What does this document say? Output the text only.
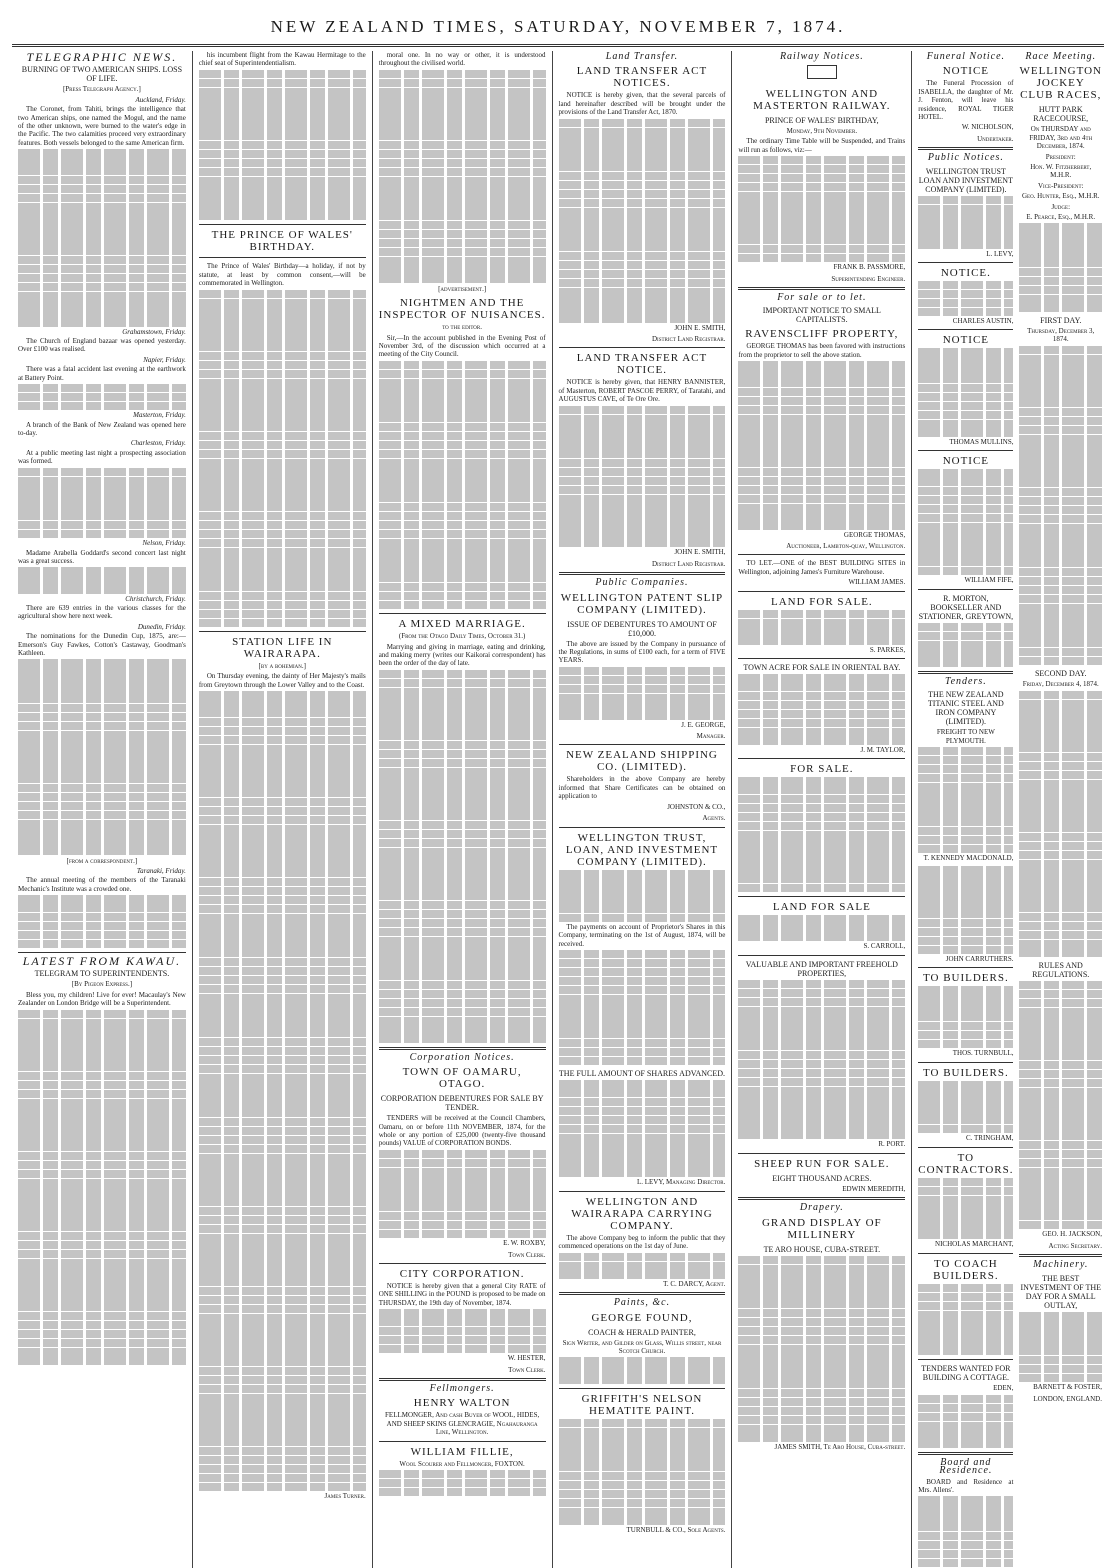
NEW ZEALAND TIMES, SATURDAY, NOVEMBER 7, 1874.
TELEGRAPHIC NEWS.
BURNING OF TWO AMERICAN SHIPS. LOSS OF LIFE.
[Press Telegraph Agency.]
Auckland, Friday.
The Coronet, from Tahiti, brings the intelligence that two American ships, one named the Mogul, and the name of the other unknown, were burned to the water's edge in the Pacific. The two calamities proceed very extraordinary features. Both vessels belonged to the same American firm.
Grahamstown, Friday.
The Church of England bazaar was opened yesterday. Over £100 was realised.
Napier, Friday.
There was a fatal accident last evening at the earthwork at Battery Point.
Masterton, Friday.
A branch of the Bank of New Zealand was opened here to-day.
Charleston, Friday.
At a public meeting last night a prospecting association was formed.
Nelson, Friday.
Madame Arabella Goddard's second concert last night was a great success.
Christchurch, Friday.
There are 639 entries in the various classes for the agricultural show here next week.
Dunedin, Friday.
The nominations for the Dunedin Cup, 1875, are:—Emerson's Guy Fawkes, Cotton's Castaway, Goodman's Kathleen.
[from a correspondent.]
Taranaki, Friday.
The annual meeting of the members of the Taranaki Mechanic's Institute was a crowded one.
LATEST FROM KAWAU.
TELEGRAM TO SUPERINTENDENTS.
[By Pigeon Express.]
Bless you, my children! Live for ever! Macaulay's New Zealander on London Bridge will be a Superintendent.
his incumbent flight from the Kawau Hermitage to the chief seat of Superintendentialism.
THE PRINCE OF WALES' BIRTHDAY.
The Prince of Wales' Birthday—a holiday, if not by statute, at least by common consent,—will be commemorated in Wellington.
STATION LIFE IN WAIRARAPA.
[by a bohemian.]
On Thursday evening, the dainty of Her Majesty's mails from Greytown through the Lower Valley and to the Coast.
James Turner.
moral one. In no way or other, it is understood throughout the civilised world.
[advertisement.]
NIGHTMEN AND THE INSPECTOR OF NUISANCES.
to the editor.
Sir,—In the account published in the Evening Post of November 3rd, of the discussion which occurred at a meeting of the City Council.
A MIXED MARRIAGE.
(From the Otago Daily Times, October 31.)
Marrying and giving in marriage, eating and drinking, and making merry (writes our Kaikorai correspondent) has been the order of the day of late.
Corporation Notices.
TOWN OF OAMARU, OTAGO.
CORPORATION DEBENTURES FOR SALE BY TENDER.
TENDERS will be received at the Council Chambers, Oamaru, on or before 11th NOVEMBER, 1874, for the whole or any portion of £25,000 (twenty-five thousand pounds) VALUE of CORPORATION BONDS.
E. W. ROXBY,
Town Clerk.
CITY CORPORATION.
NOTICE is hereby given that a general City RATE of ONE SHILLING in the POUND is proposed to be made on THURSDAY, the 19th day of November, 1874.
W. HESTER,
Town Clerk.
Fellmongers.
HENRY WALTON
FELLMONGER, And cash Buyer of WOOL, HIDES, AND SHEEP SKINS GLENCRAGIE, Ngahauranga Line, Wellington.
WILLIAM FILLIE,
Wool Scourer and Fellmonger, FOXTON.
Land Transfer.
LAND TRANSFER ACT NOTICES.
NOTICE is hereby given, that the several parcels of land hereinafter described will be brought under the provisions of the Land Transfer Act, 1870.
JOHN E. SMITH,
District Land Registrar.
LAND TRANSFER ACT NOTICE.
NOTICE is hereby given, that HENRY BANNISTER, of Masterton, ROBERT PASCOE PERRY, of Taratahi, and AUGUSTUS CAVE, of Te Ore Ore.
JOHN E. SMITH,
District Land Registrar.
Public Companies.
WELLINGTON PATENT SLIP COMPANY (LIMITED).
ISSUE OF DEBENTURES TO AMOUNT OF £10,000.
The above are issued by the Company in pursuance of the Regulations, in sums of £100 each, for a term of FIVE YEARS.
J. E. GEORGE,
Manager.
NEW ZEALAND SHIPPING CO. (LIMITED).
Shareholders in the above Company are hereby informed that Share Certificates can be obtained on application to
JOHNSTON & CO.,
Agents.
WELLINGTON TRUST, LOAN, AND INVESTMENT COMPANY (LIMITED).
The payments on account of Proprietor's Shares in this Company, terminating on the 1st of August, 1874, will be received.
THE FULL AMOUNT OF SHARES ADVANCED.
L. LEVY, Managing Director.
WELLINGTON AND WAIRARAPA CARRYING COMPANY.
The above Company beg to inform the public that they commenced operations on the 1st day of June.
T. C. DARCY, Agent.
Paints, &c.
GEORGE FOUND,
COACH & HERALD PAINTER,
Sign Writer, and Gilder on Glass, Willis street, near Scotch Church.
GRIFFITH'S NELSON HEMATITE PAINT.
TURNBULL & CO., Sole Agents.
Railway Notices.
WELLINGTON AND MASTERTON RAILWAY.
PRINCE OF WALES' BIRTHDAY,
Monday, 9th November.
The ordinary Time Table will be Suspended, and Trains will run as follows, viz:—
FRANK B. PASSMORE,
Superintending Engineer.
For sale or to let.
IMPORTANT NOTICE TO SMALL CAPITALISTS.
RAVENSCLIFF PROPERTY,
GEORGE THOMAS has been favored with instructions from the proprietor to sell the above station.
GEORGE THOMAS,
Auctioneer, Lambton-quay, Wellington.
TO LET.—ONE of the BEST BUILDING SITES in Wellington, adjoining James's Furniture Warehouse.
WILLIAM JAMES.
LAND FOR SALE.
S. PARKES,
TOWN ACRE FOR SALE IN ORIENTAL BAY.
J. M. TAYLOR,
FOR SALE.
LAND FOR SALE
S. CARROLL,
VALUABLE AND IMPORTANT FREEHOLD PROPERTIES,
R. PORT.
SHEEP RUN FOR SALE.
EIGHT THOUSAND ACRES.
EDWIN MEREDITH,
Drapery.
GRAND DISPLAY OF MILLINERY
TE ARO HOUSE, CUBA-STREET.
JAMES SMITH, Te Aro House, Cuba-street.
Funeral Notice.
NOTICE
The Funeral Procession of ISABELLA, the daughter of Mr. J. Fenton, will leave his residence, ROYAL TIGER HOTEL.
W. NICHOLSON,
Undertaker.
Public Notices.
WELLINGTON TRUST LOAN AND INVESTMENT COMPANY (LIMITED).
L. LEVY,
NOTICE.
CHARLES AUSTIN,
NOTICE
THOMAS MULLINS,
NOTICE
WILLIAM FIFE,
R. MORTON, BOOKSELLER AND STATIONER, GREYTOWN,
Tenders.
THE NEW ZEALAND TITANIC STEEL AND IRON COMPANY (LIMITED).
FREIGHT TO NEW PLYMOUTH.
T. KENNEDY MACDONALD,
JOHN CARRUTHERS.
TO BUILDERS.
THOS. TURNBULL,
TO BUILDERS.
C. TRINGHAM,
TO CONTRACTORS.
NICHOLAS MARCHANT,
TO COACH BUILDERS.
TENDERS WANTED FOR BUILDING A COTTAGE.
EDEN,
Board and Residence.
BOARD and Residence at Mrs. Allens'.
Race Meeting.
WELLINGTON JOCKEY CLUB RACES,
HUTT PARK RACECOURSE,
On THURSDAY and FRIDAY, 3rd and 4th December, 1874.
President:
Hon. W. Fitzherbert, M.H.R.
Vice-President:
Geo. Hunter, Esq., M.H.R.
Judge:
E. Pearce, Esq., M.H.R.
FIRST DAY.
Thursday, December 3, 1874.
SECOND DAY.
Friday, December 4, 1874.
RULES AND REGULATIONS.
GEO. H. JACKSON,
Acting Secretary.
Machinery.
THE BEST INVESTMENT OF THE DAY FOR A SMALL OUTLAY,
BARNETT & FOSTER,
LONDON, ENGLAND.
